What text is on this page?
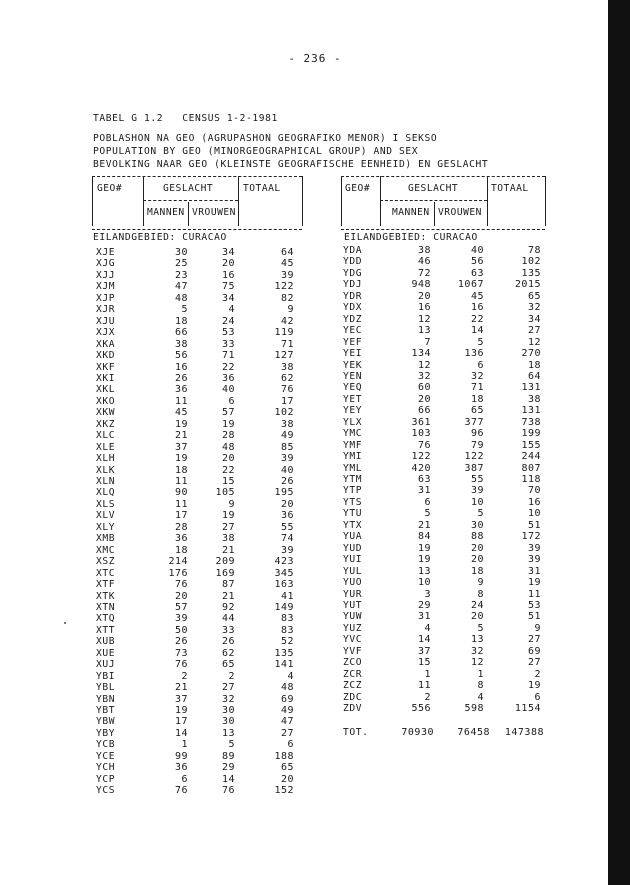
- 236 -
TABEL G 1.2   CENSUS 1-2-1981
POBLASHON NA GEO (AGRUPASHON GEOGRAFIKO MENOR) I SEKSO
POPULATION BY GEO (MINORGEOGRAPHICAL GROUP) AND SEX
BEVOLKING NAAR GEO (KLEINSTE GEOGRAFISCHE EENHEID) EN GESLACHT
GEO#	GESLACHT	TOTAAL
MANNEN VROUWEN
GEO#	GESLACHT	TOTAAL
MANNEN VROUWEN
EILANDGEBIED: CURACAO	EILANDGEBIED: CURACAO
XJE	30	34	64
XJG	25	20	45
XJJ	23	16	39
XJM	47	75	122
XJP	48	34	82
XJR	5	4	9
XJU	18	24	42
XJX	66	53	119
XKA	38	33	71
XKD	56	71	127
XKF	16	22	38
XKI	26	36	62
XKL	36	40	76
XKO	11	6	17
XKW	45	57	102
XKZ	19	19	38
XLC	21	28	49
XLE	37	48	85
XLH	19	20	39
XLK	18	22	40
XLN	11	15	26
XLQ	90	105	195
XLS	11	9	20
XLV	17	19	36
XLY	28	27	55
XMB	36	38	74
XMC	18	21	39
XSZ	214	209	423
XTC	176	169	345
XTF	76	87	163
XTK	20	21	41
XTN	57	92	149
XTQ	39	44	83
XTT	50	33	83
XUB	26	26	52
XUE	73	62	135
XUJ	76	65	141
YBI	2	2	4
YBL	21	27	48
YBN	37	32	69
YBT	19	30	49
YBW	17	30	47
YBY	14	13	27
YCB	1	5	6
YCE	99	89	188
YCH	36	29	65
YCP	6	14	20
YCS	76	76	152
YDA	38	40	78
YDD	46	56	102
YDG	72	63	135
YDJ	948	1067	2015
YDR	20	45	65
YDX	16	16	32
YDZ	12	22	34
YEC	13	14	27
YEF	7	5	12
YEI	134	136	270
YEK	12	6	18
YEN	32	32	64
YEQ	60	71	131
YET	20	18	38
YEY	66	65	131
YLX	361	377	738
YMC	103	96	199
YMF	76	79	155
YMI	122	122	244
YML	420	387	807
YTM	63	55	118
YTP	31	39	70
YTS	6	10	16
YTU	5	5	10
YTX	21	30	51
YUA	84	88	172
YUD	19	20	39
YUI	19	20	39
YUL	13	18	31
YUO	10	9	19
YUR	3	8	11
YUT	29	24	53
YUW	31	20	51
YUZ	4	5	9
YVC	14	13	27
YVF	37	32	69
ZCO	15	12	27
ZCR	1	1	2
ZCZ	11	8	19
ZDC	2	4	6
ZDV	556	598	1154
TOT.	70930	76458	147388
